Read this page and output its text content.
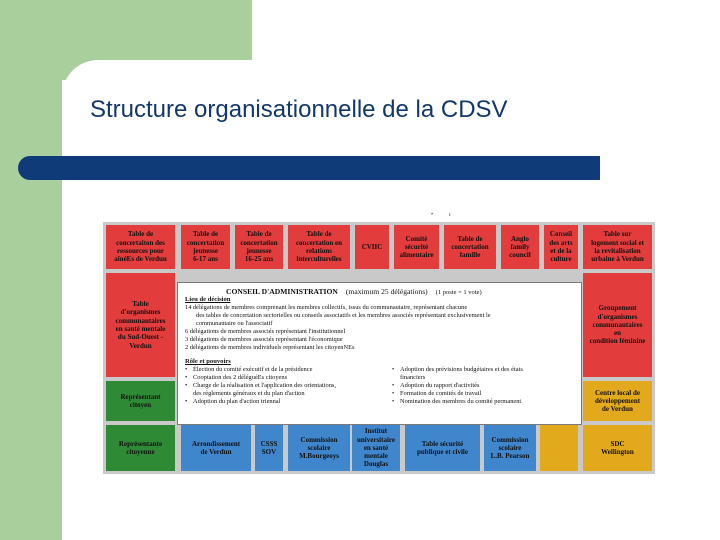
Structure organisationnelle de la CDSV
•	ı
Table de
concertaiton des
ressources pour
aînéEs de Verdun
Table de
concertation
jeunesse
6-17 ans
Table de
concertation
jeunesse
16-25 ans
Table de
concertation en
relations
interculturelles
CVIIC
Comité
sécurité
alimentaire
Table de
concertation
famille
Anglo
family
council
Conseil
des arts
et de la
culture
Table sur
logement social et
la revitalisation
urbaine à Verdun
Table
d'organismes
communautaires
en santé mentale
du Sud-Ouest -
Verdun
Groupement
d'organismes
communautaires
en
condition féminine
Représentant
citoyen
Centre local de
développement
de Verdun
Représentante
citoyenne
Arrondissement
de Verdun
CSSS
SOV
Commission
scolaire
M.Bourgeoys
Institut
universitaire
en santé
mentale
Douglas
Table sécurité
publique et civile
Commission
scolaire
L.B. Pearson
SDC
Wellington
CONSEIL D'ADMINISTRATION (maximum 25 délégations) (1 poste = 1 vote)
Lieu de décision
14 délégations de membres comprenant les membres collectifs, issus du communautaire, représentant chacune
des tables de concertation sectorielles ou conseils associatifs et les membres associés représentant exclusivement le
communautaire ou l'associatif
6 délégations de membres associés représentant l'institutionnel
3 délégations de membres associés représentant l'économique
2 délégations de membres individuels représentant les citoyenNEs
Rôle et pouvoirs
• Élection du comité exécutif et de la présidence
• Cooptation des 2 déléguéEs citoyens
• Charge de la réalisation et l'application des orientations,
des règlements généraux et du plan d'action
• Adoption du plan d'action triennal
• Adoption des prévisions budgétaires et des états
financiers
• Adoption du rapport d'activités
• Formation de comités de travail
• Nomination des membres du comité permanent
